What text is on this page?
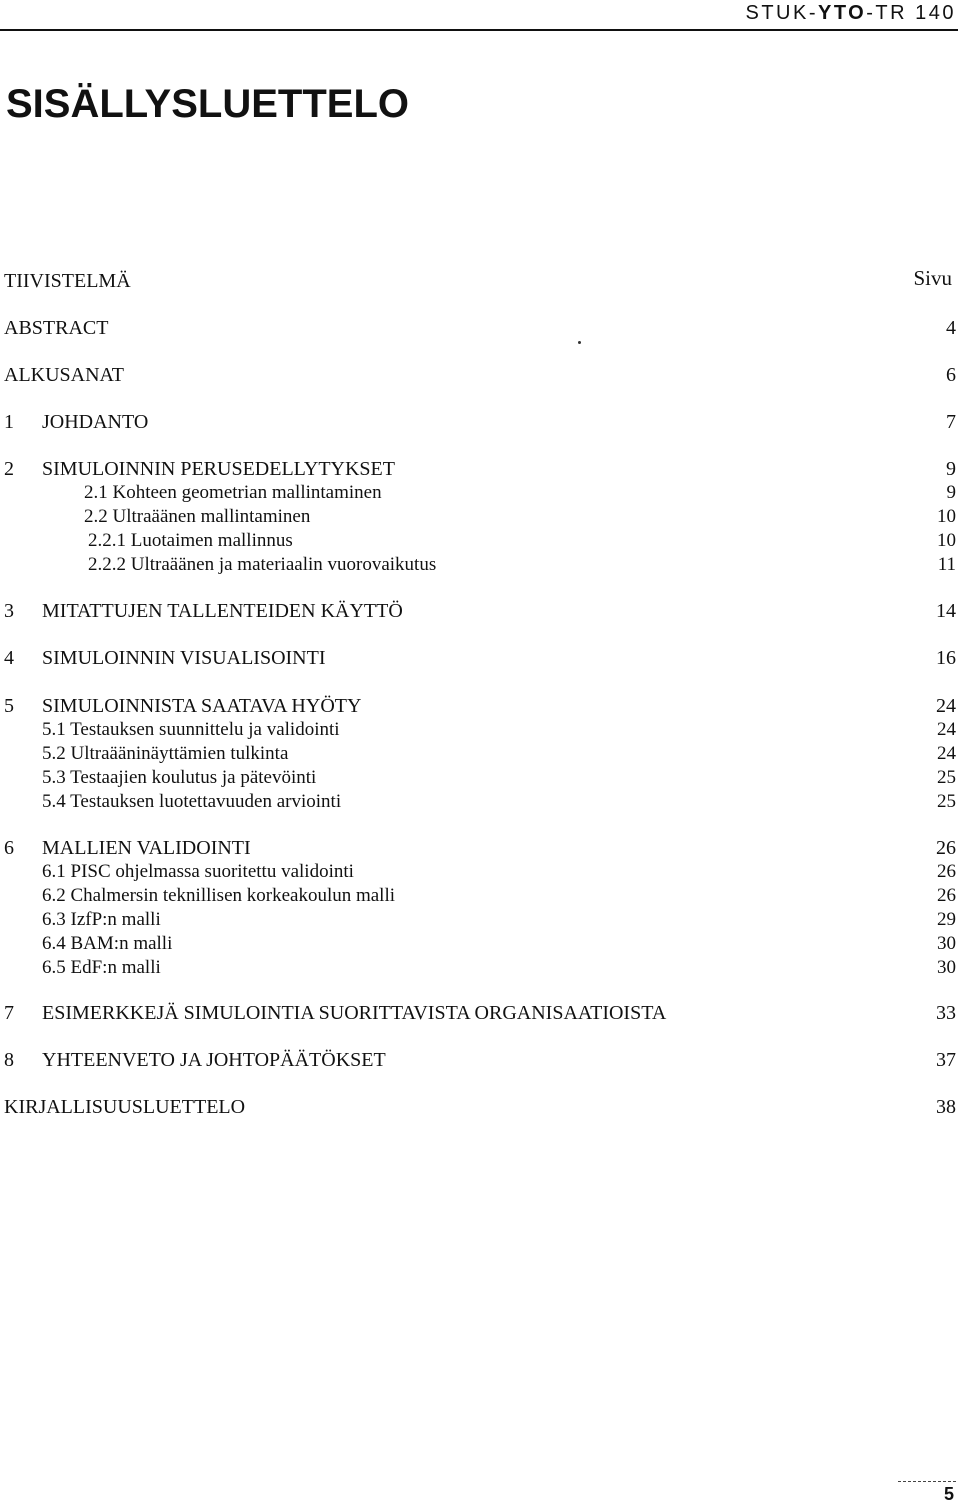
STUK-YTO-TR 140
SISÄLLYSLUETTELO
Sivu
TIIVISTELMÄ
ABSTRACT	4
ALKUSANAT	6
1 JOHDANTO	7
2 SIMULOINNIN PERUSEDELLYTYKSET	9
2.1 Kohteen geometrian mallintaminen	9
2.2 Ultraäänen mallintaminen	10
2.2.1 Luotaimen mallinnus	10
2.2.2 Ultraäänen ja materiaalin vuorovaikutus	11
3 MITATTUJEN TALLENTEIDEN KÄYTTÖ	14
4 SIMULOINNIN VISUALISOINTI	16
5 SIMULOINNISTA SAATAVA HYÖTY	24
5.1 Testauksen suunnittelu ja validointi	24
5.2 Ultraääninäyttämien tulkinta	24
5.3 Testaajien koulutus ja pätevöinti	25
5.4 Testauksen luotettavuuden arviointi	25
6 MALLIEN VALIDOINTI	26
6.1 PISC ohjelmassa suoritettu validointi	26
6.2 Chalmersin teknillisen korkeakoulun malli	26
6.3 IzfP:n malli	29
6.4 BAM:n malli	30
6.5 EdF:n malli	30
7 ESIMERKKEJÄ SIMULOINTIA SUORITTAVISTA ORGANISAATIOISTA	33
8 YHTEENVETO JA JOHTOPÄÄTÖKSET	37
KIRJALLISUUSLUETTELO	38
5
